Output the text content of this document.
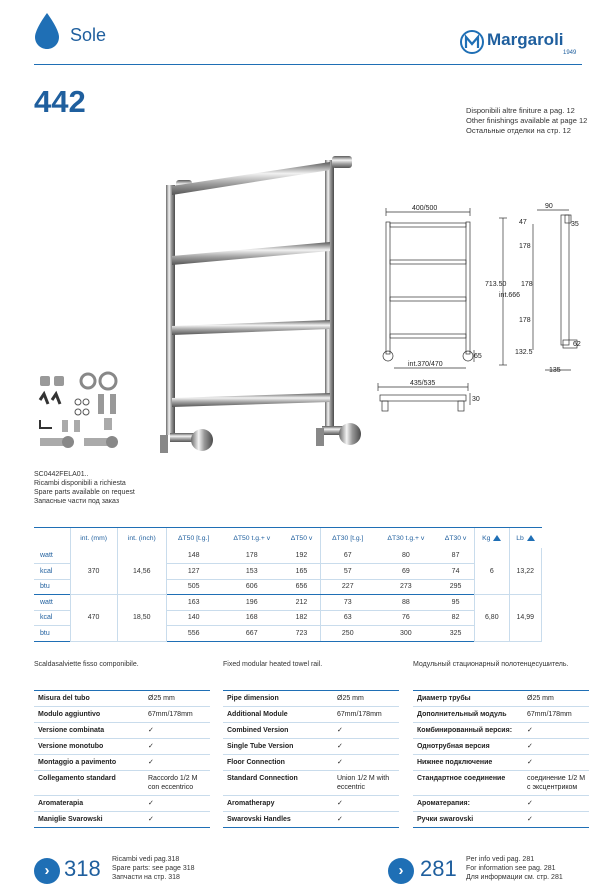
Sole	Margaroli
1949
442	Disponibili altre finiture a pag. 12
Other finishings available at page 12
Остальные отделки на стр. 12
400/500
int.370/470
65
90
35
47
178
713.50 178
int.666
178
62
132.5
135
435/535
30
SC0442FELA01..
Ricambi disponibili a richiesta
Spare parts available on request
Запасные части под заказ
	int. (mm)	int. (inch)	ΔT50 [t.g.]	ΔT50 t.g.+ v	ΔT50 v	ΔT30 [t.g.]	ΔT30 t.g.+ v	ΔT30 v	Kg	Lb
watt	370	14,56	148	178	192	67	80	87	6	13,22
kcal			127	153	165	57	69	74		
btu			505	606	656	227	273	295		
watt	470	18,50	163	196	212	73	88	95	6,80	14,99
kcal			140	168	182	63	76	82		
btu			556	667	723	250	300	325		
Scaldasalviette fisso componibile.	Fixed modular heated towel rail.	Модульный стационарный полотенцесушитель.
Misura del tubo	Ø25 mm
Modulo aggiuntivo	67mm/178mm
Versione combinata	✓
Versione monotubo	✓
Montaggio a pavimento	✓
Collegamento standard	Raccordo 1/2 M con eccentrico
Aromaterapia	✓
Maniglie Svarowski	✓
Pipe dimension	Ø25 mm
Additional Module	67mm/178mm
Combined Version	✓
Single Tube Version	✓
Floor Connection	✓
Standard Connection	Union 1/2 M with eccentric
Aromatherapy	✓
Swarovski Handles	✓
Диаметр трубы	Ø25 mm
Дополнительный модуль	67mm/178mm
Комбинированный версия:	✓
Однотрубная версия	✓
Нижнее подключение	✓
Стандартное соединение	соединение 1/2 M с эксцентриком
Ароматерапия:	✓
Ручки swarovski	✓
› 318 Ricambi vedi pag.318
Spare parts: see page 318
Запчасти на стр. 318	› 281 Per info vedi pag. 281
For information see pag. 281
Для информации см. стр. 281
